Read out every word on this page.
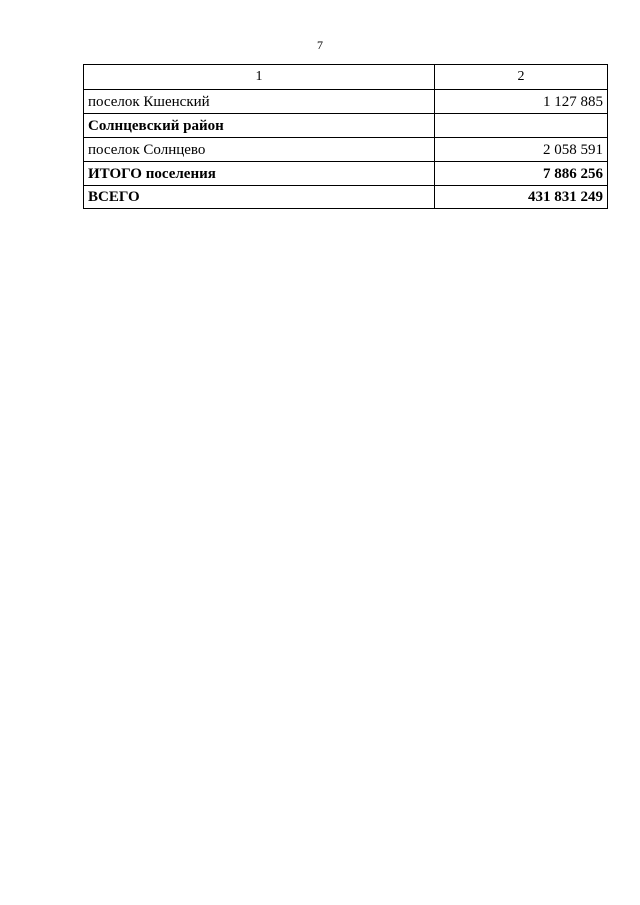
7
1	2
поселок Кшенский	1 127 885
Солнцевский район	
поселок Солнцево	2 058 591
ИТОГО поселения	7 886 256
ВСЕГО	431 831 249
